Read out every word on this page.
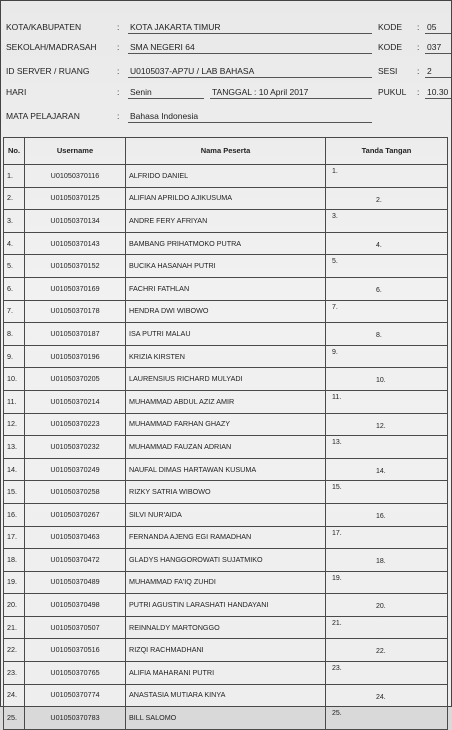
KOTA/KABUPATEN	: KOTA JAKARTA TIMUR	KODE : 05
SEKOLAH/MADRASAH : SMA NEGERI 64	KODE : 037
ID SERVER / RUANG	: U0105037-AP7U / LAB BAHASA	SESI : 2
HARI	: Senin	TANGGAL : 10 April 2017	PUKUL : 10.30
MATA PELAJARAN	: Bahasa Indonesia
No.	Username	Nama Peserta	Tanda Tangan
1.	U01050370116	ALFRIDO DANIEL	1.

2.	U01050370125	ALIFIAN APRILDO AJIKUSUMA	2.

3.	U01050370134	ANDRE FERY AFRIYAN	3.

4.	U01050370143	BAMBANG PRIHATMOKO PUTRA	4.

5.	U01050370152	BUCIKA HASANAH PUTRI	5.

6.	U01050370169	FACHRI FATHLAN	6.

7.	U01050370178	HENDRA DWI WIBOWO	7.

8.	U01050370187	ISA PUTRI MALAU	8.

9.	U01050370196	KRIZIA KIRSTEN	9.

10.	U01050370205	LAURENSIUS RICHARD MULYADI	10.

11.	U01050370214	MUHAMMAD ABDUL AZIZ AMIR	11.

12.	U01050370223	MUHAMMAD FARHAN GHAZY	12.

13.	U01050370232	MUHAMMAD FAUZAN ADRIAN	13.

14.	U01050370249	NAUFAL DIMAS HARTAWAN KUSUMA	14.

15.	U01050370258	RIZKY SATRIA WIBOWO	15.

16.	U01050370267	SILVI NUR'AIDA	16.

17.	U01050370463	FERNANDA AJENG EGI RAMADHAN	17.

18.	U01050370472	GLADYS HANGGOROWATI SUJATMIKO	18.

19.	U01050370489	MUHAMMAD FA'IQ ZUHDI	19.

20.	U01050370498	PUTRI AGUSTIN LARASHATI HANDAYANI	20.

21.	U01050370507	REINNALDY MARTONGGO	21.

22.	U01050370516	RIZQI RACHMADHANI	22.

23.	U01050370765	ALIFIA MAHARANI PUTRI	23.

24.	U01050370774	ANASTASIA MUTIARA KINYA	24.

25.	U01050370783	BILL SALOMO	25.
